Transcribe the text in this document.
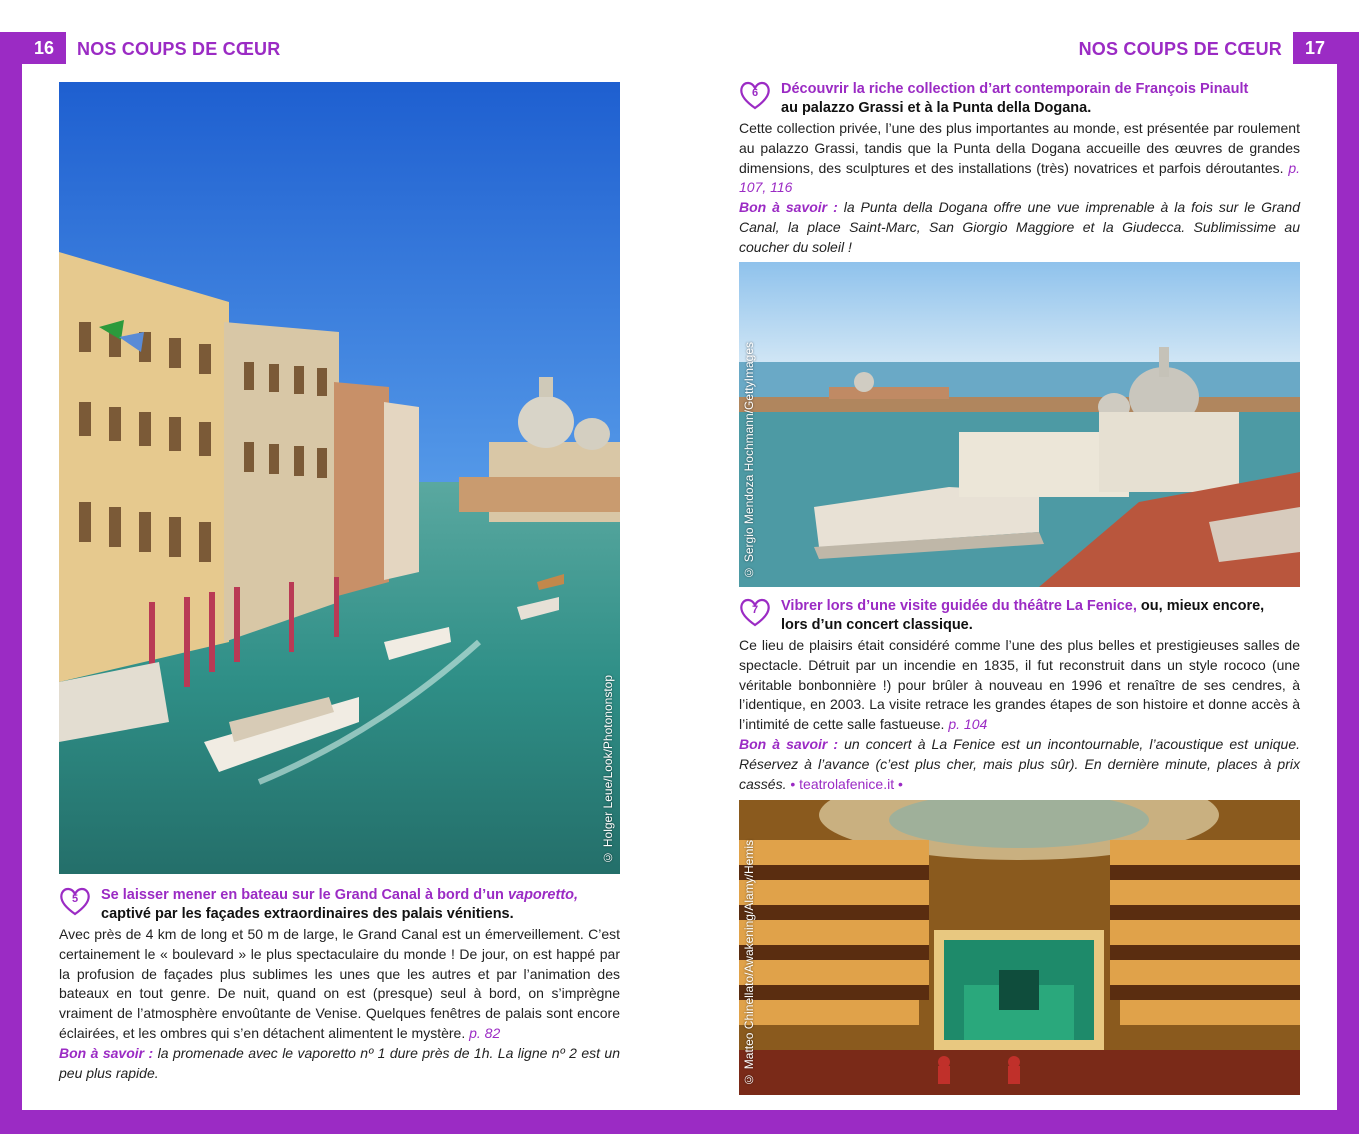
16	NOS COUPS DE CŒUR	NOS COUPS DE CŒUR	17
© Holger Leue/Look/Photononstop
5	Se laisser mener en bateau sur le Grand Canal à bord d’un vaporetto,
captivé par les façades extraordinaires des palais vénitiens.
Avec près de 4 km de long et 50 m de large, le Grand Canal est un émerveillement. C’est certainement le « boulevard » le plus spectaculaire du monde ! De jour, on est happé par la profusion de façades plus sublimes les unes que les autres et par l’animation des bateaux en tout genre. De nuit, quand on est (presque) seul à bord, on s’imprègne vraiment de l’atmosphère envoûtante de Venise. Quelques fenêtres de palais sont encore éclairées, et les ombres qui s’en détachent alimentent le mystère. p. 82
Bon à savoir : la promenade avec le vaporetto nº 1 dure près de 1h. La ligne nº 2 est un peu plus rapide.
6	Découvrir la riche collection d’art contemporain de François Pinault
au palazzo Grassi et à la Punta della Dogana.
Cette collection privée, l’une des plus importantes au monde, est présentée par roulement au palazzo Grassi, tandis que la Punta della Dogana accueille des œuvres de grandes dimensions, des sculptures et des installations (très) novatrices et parfois déroutantes. p. 107, 116
Bon à savoir : la Punta della Dogana offre une vue imprenable à la fois sur le Grand Canal, la place Saint-Marc, San Giorgio Maggiore et la Giudecca. Sublimissime au coucher du soleil !
© Sergio Mendoza Hochmann/GettyImages
7	Vibrer lors d’une visite guidée du théâtre La Fenice, ou, mieux encore,
lors d’un concert classique.
Ce lieu de plaisirs était considéré comme l’une des plus belles et prestigieuses salles de spectacle. Détruit par un incendie en 1835, il fut reconstruit dans un style rococo (une véritable bonbonnière !) pour brûler à nouveau en 1996 et renaître de ses cendres, à l’identique, en 2003. La visite retrace les grandes étapes de son histoire et donne accès à l’intimité de cette salle fastueuse. p. 104
Bon à savoir : un concert à La Fenice est un incontournable, l’acoustique est unique. Réservez à l’avance (c’est plus cher, mais plus sûr). En dernière minute, places à prix cassés. • teatrolafenice.it •
© Matteo Chinellato/Awakening/Alamy/Hemis
